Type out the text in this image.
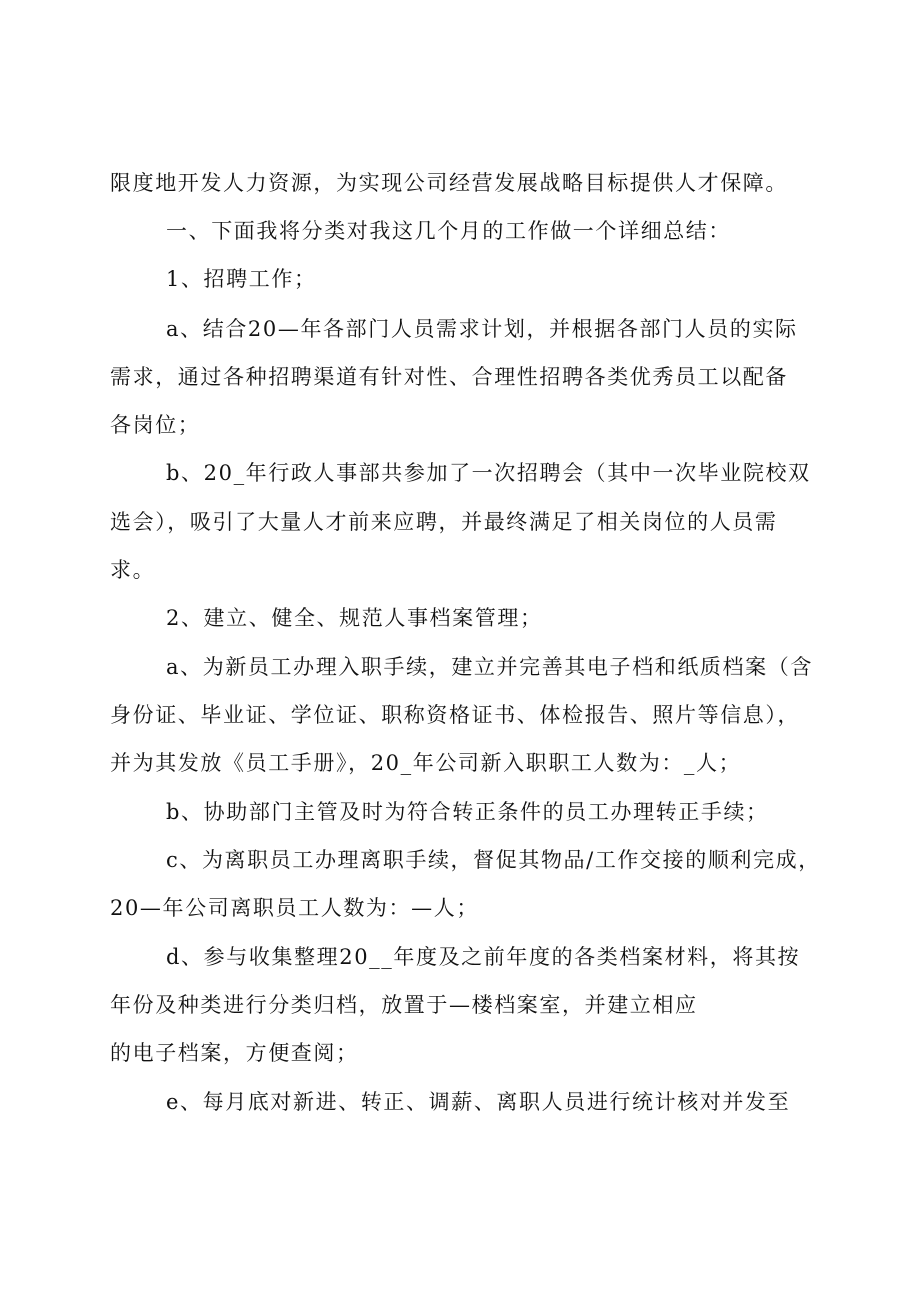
限度地开发人力资源，为实现公司经营发展战略目标提供人才保障。
一、下面我将分类对我这几个月的工作做一个详细总结：
1、招聘工作；
a、结合20—年各部门人员需求计划，并根据各部门人员的实际
需求，通过各种招聘渠道有针对性、合理性招聘各类优秀员工以配备
各岗位；
b、20_年行政人事部共参加了一次招聘会（其中一次毕业院校双
选会），吸引了大量人才前来应聘，并最终满足了相关岗位的人员需
求。
2、建立、健全、规范人事档案管理；
a、为新员工办理入职手续，建立并完善其电子档和纸质档案（含
身份证、毕业证、学位证、职称资格证书、体检报告、照片等信息），
并为其发放《员工手册》，20_年公司新入职职工人数为：_人；
b、协助部门主管及时为符合转正条件的员工办理转正手续；
c、为离职员工办理离职手续，督促其物品/工作交接的顺利完成，
20—年公司离职员工人数为：—人；
d、参与收集整理20__年度及之前年度的各类档案材料，将其按
年份及种类进行分类归档，放置于—楼档案室，并建立相应
的电子档案，方便查阅；
e、每月底对新进、转正、调薪、离职人员进行统计核对并发至
